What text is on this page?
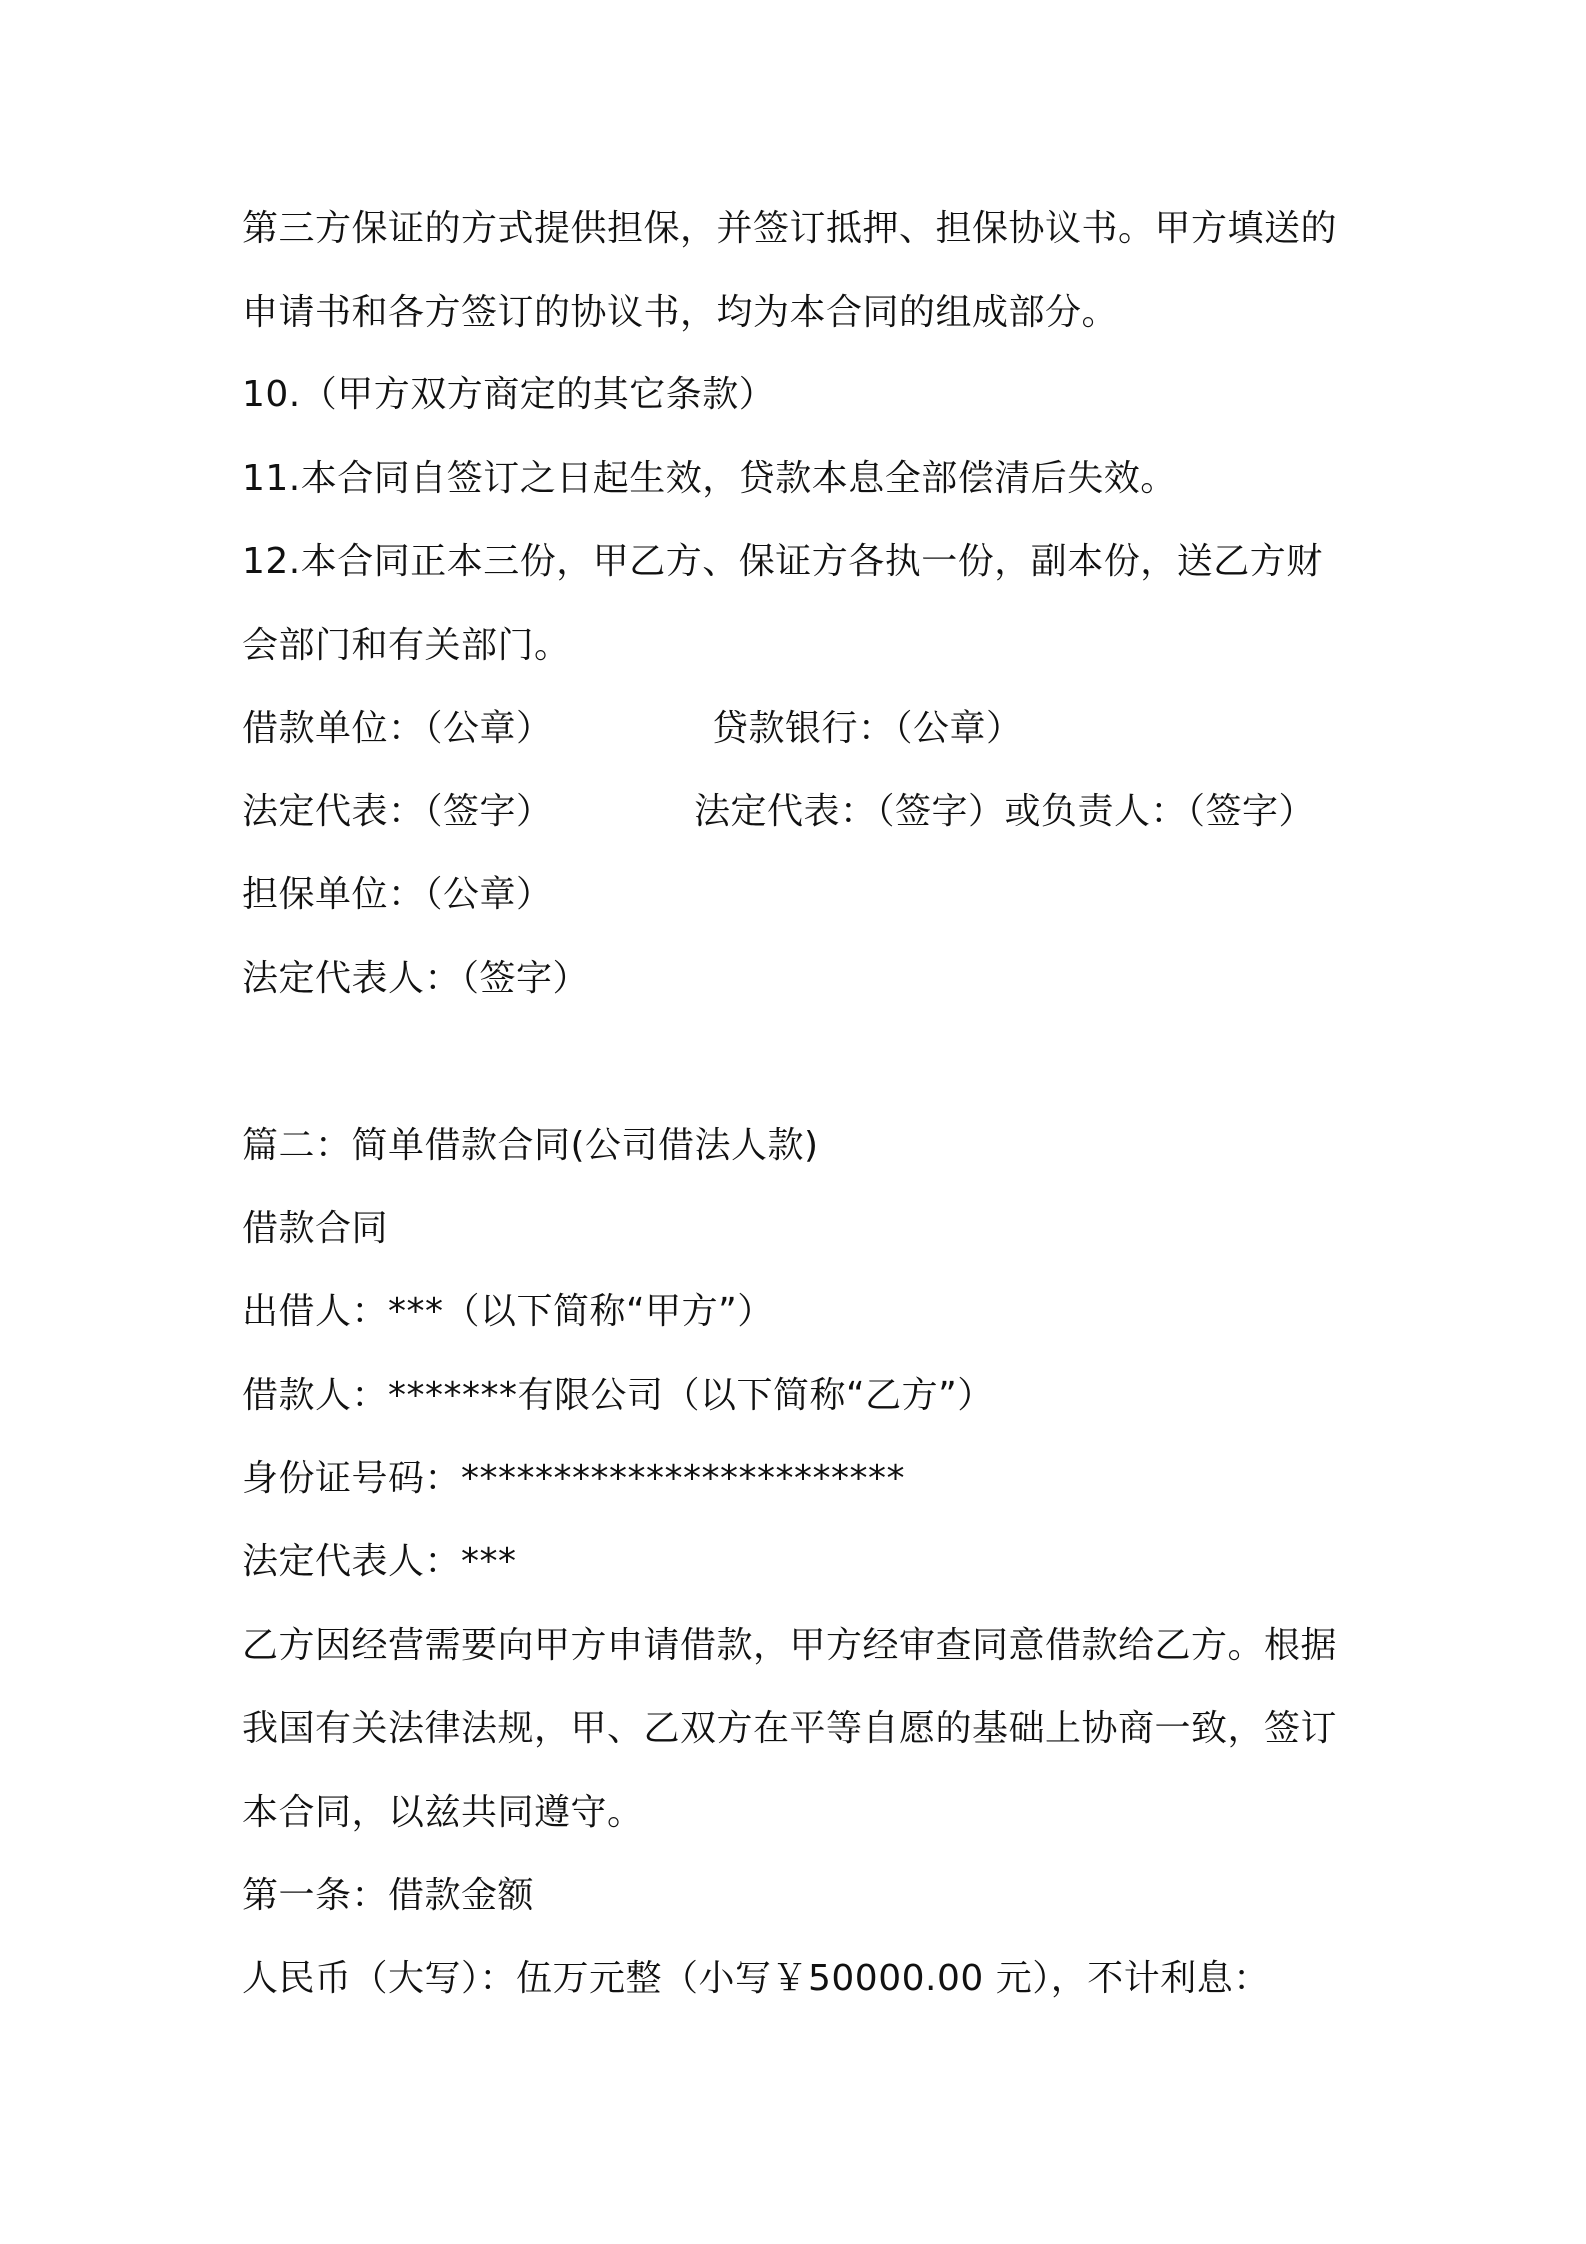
第三方保证的方式提供担保，并签订抵押、担保协议书。甲方填送的
申请书和各方签订的协议书，均为本合同的组成部分。
10.（甲方双方商定的其它条款）
11.本合同自签订之日起生效，贷款本息全部偿清后失效。
12.本合同正本三份，甲乙方、保证方各执一份，副本份，送乙方财
会部门和有关部门。
借款单位：（公章）	贷款银行：（公章）
法定代表：（签字）	法定代表：（签字）或负责人：（签字）
担保单位：（公章）
法定代表人：（签字）
篇二：简单借款合同(公司借法人款)
借款合同
出借人：***（以下简称“甲方”）
借款人：*******有限公司（以下简称“乙方”）
身份证号码：************************
法定代表人：***
乙方因经营需要向甲方申请借款，甲方经审查同意借款给乙方。根据
我国有关法律法规，甲、乙双方在平等自愿的基础上协商一致，签订
本合同，以兹共同遵守。
第一条：借款金额
人民币（大写）：伍万元整（小写￥50000.00 元），不计利息：
